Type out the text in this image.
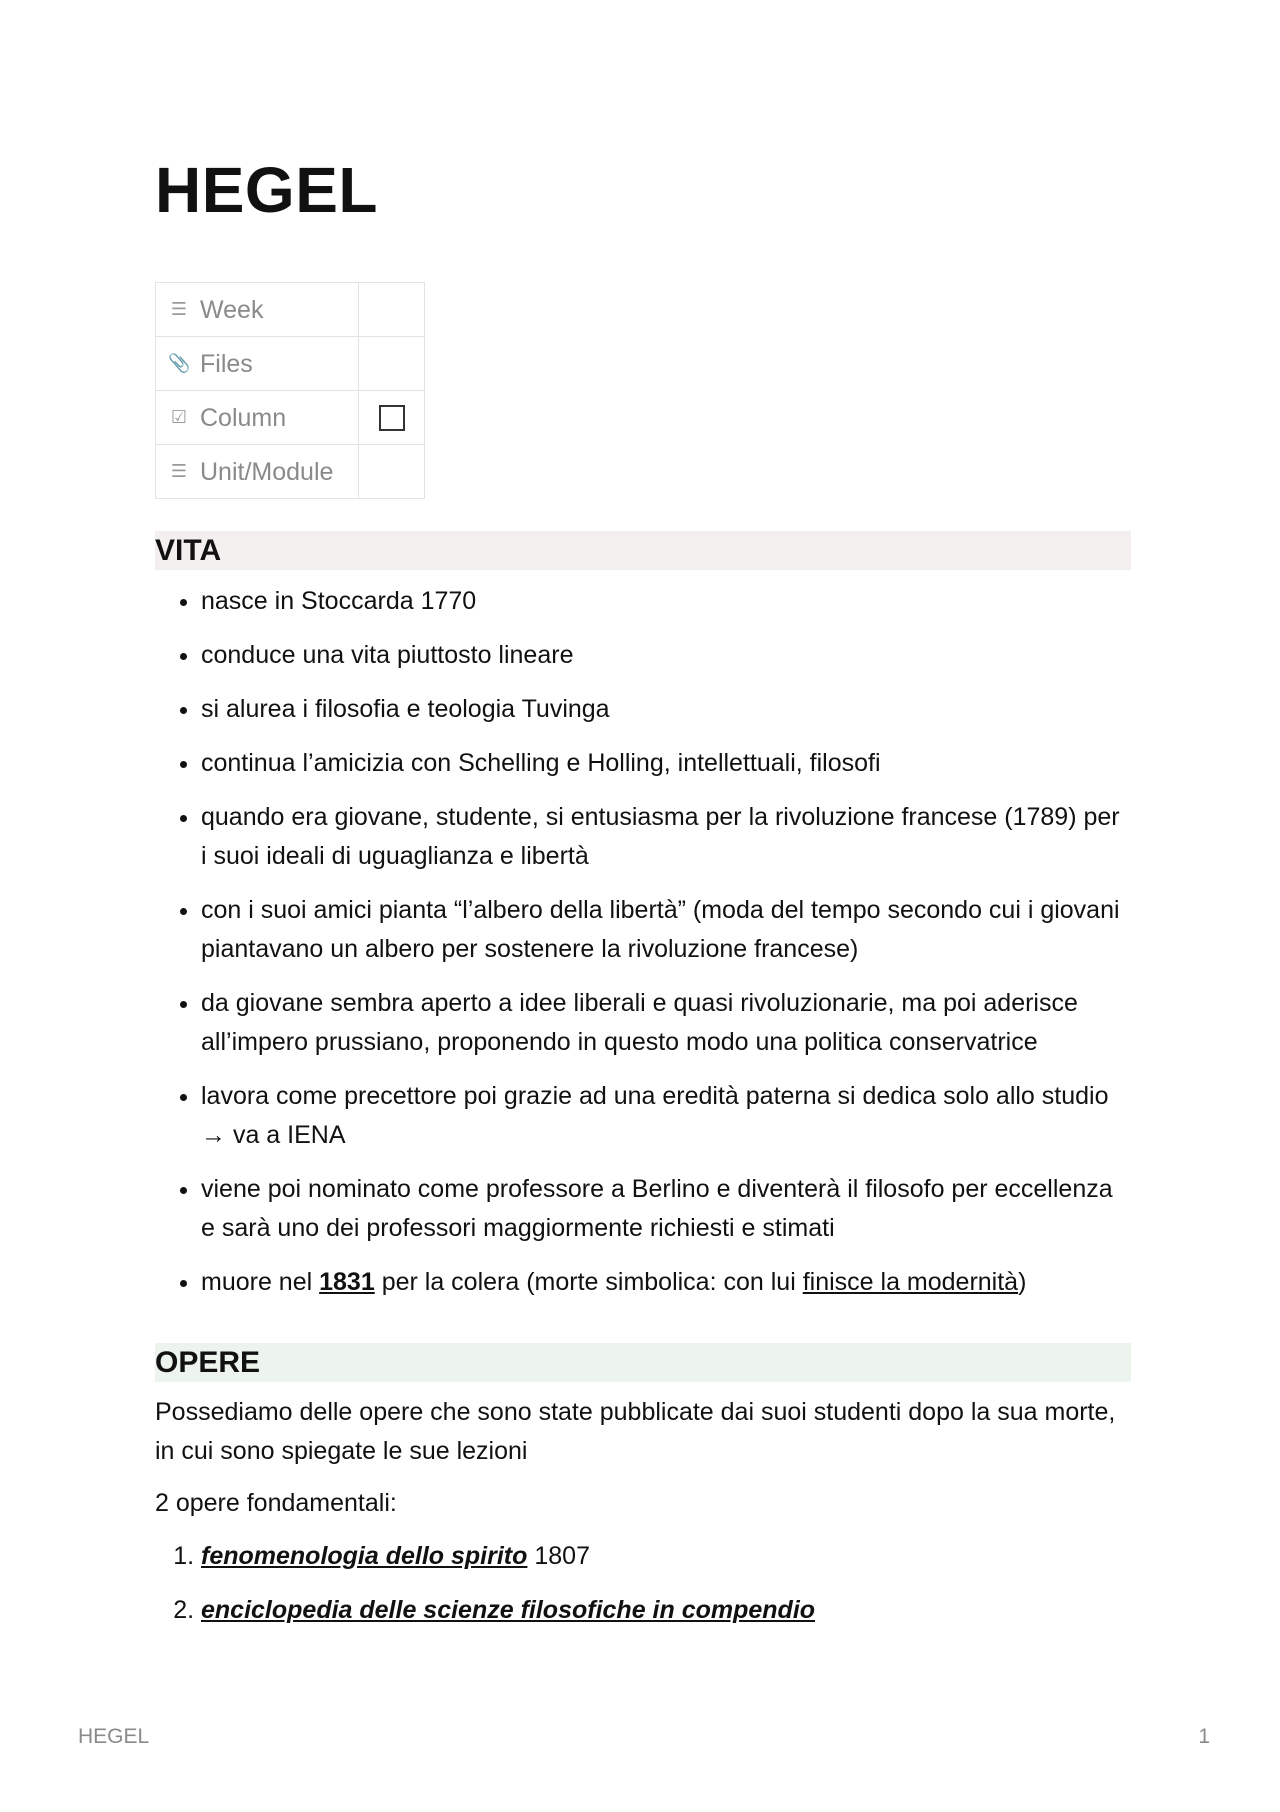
HEGEL
☰ Week	
📎 Files	
☑ Column	
☰ Unit/Module	
VITA
• nasce in Stoccarda 1770
• conduce una vita piuttosto lineare
• si alurea i filosofia e teologia Tuvinga
• continua l’amicizia con Schelling e Holling, intellettuali, filosofi
• quando era giovane, studente, si entusiasma per la rivoluzione francese (1789) per i suoi ideali di uguaglianza e libertà
• con i suoi amici pianta “l’albero della libertà” (moda del tempo secondo cui i giovani piantavano un albero per sostenere la rivoluzione francese)
• da giovane sembra aperto a idee liberali e quasi rivoluzionarie, ma poi aderisce all’impero prussiano, proponendo in questo modo una politica conservatrice
• lavora come precettore poi grazie ad una eredità paterna si dedica solo allo studio → va a IENA
• viene poi nominato come professore a Berlino e diventerà il filosofo per eccellenza e sarà uno dei professori maggiormente richiesti e stimati
• muore nel 1831 per la colera (morte simbolica: con lui finisce la modernità)
OPERE

Possediamo delle opere che sono state pubblicate dai suoi studenti dopo la sua morte, in cui sono spiegate le sue lezioni

2 opere fondamentali:

1. fenomenologia dello spirito 1807
2. enciclopedia delle scienze filosofiche in compendio
HEGEL	1
